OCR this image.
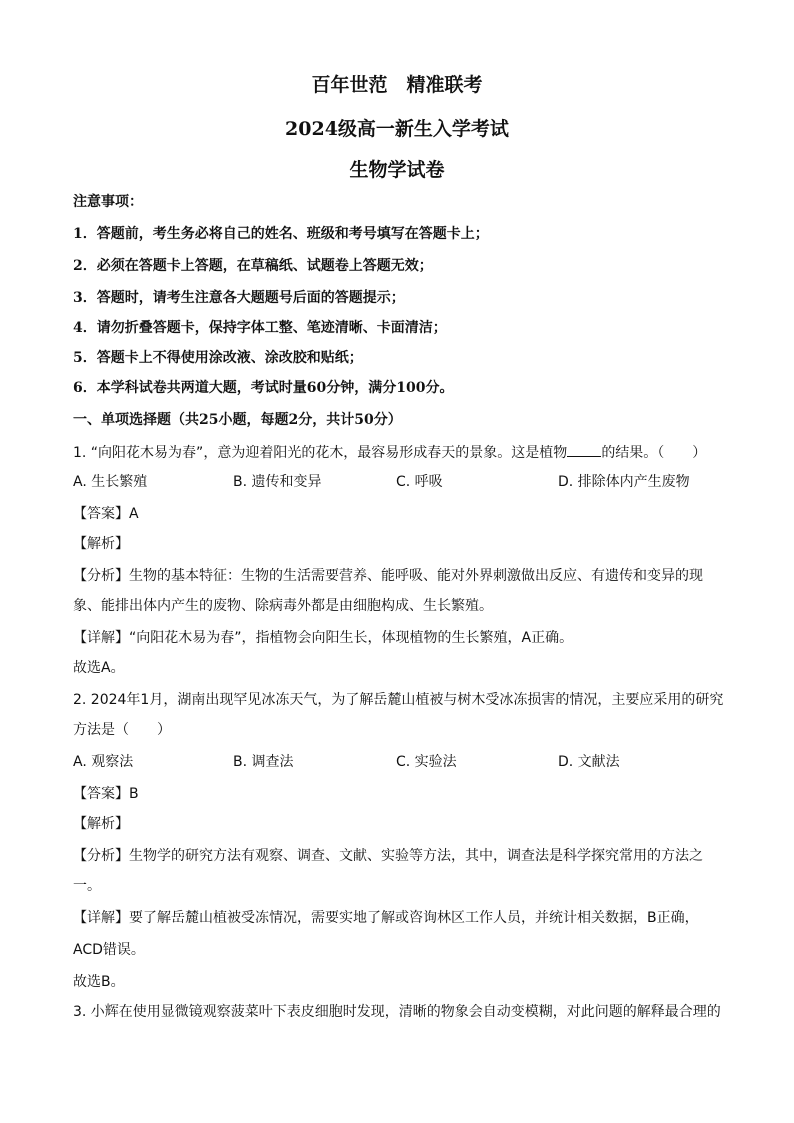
百年世范　精准联考
2024级高一新生入学考试
生物学试卷
注意事项：
1．答题前，考生务必将自己的姓名、班级和考号填写在答题卡上；
2．必须在答题卡上答题，在草稿纸、试题卷上答题无效；
3．答题时，请考生注意各大题题号后面的答题提示；
4．请勿折叠答题卡，保持字体工整、笔迹清晰、卡面清洁；
5．答题卡上不得使用涂改液、涂改胶和贴纸；
6．本学科试卷共两道大题，考试时量60分钟，满分100分。
一、单项选择题（共25小题，每题2分，共计50分）
1. “向阳花木易为春”，意为迎着阳光的花木，最容易形成春天的景象。这是植物 的结果。（　　）
A. 生长繁殖	B. 遗传和变异	C. 呼吸	D. 排除体内产生废物
【答案】A
【解析】
【分析】生物的基本特征：生物的生活需要营养、能呼吸、能对外界刺激做出反应、有遗传和变异的现
象、能排出体内产生的废物、除病毒外都是由细胞构成、生长繁殖。
【详解】“向阳花木易为春”，指植物会向阳生长，体现植物的生长繁殖，A正确。
故选A。
2. 2024年1月，湖南出现罕见冰冻天气，为了解岳麓山植被与树木受冰冻损害的情况，主要应采用的研究
方法是（　　）
A. 观察法	B. 调查法	C. 实验法	D. 文献法
【答案】B
【解析】
【分析】生物学的研究方法有观察、调查、文献、实验等方法，其中，调查法是科学探究常用的方法之
一。
【详解】要了解岳麓山植被受冻情况，需要实地了解或咨询林区工作人员，并统计相关数据，B正确，
ACD错误。
故选B。
3. 小辉在使用显微镜观察菠菜叶下表皮细胞时发现，清晰的物象会自动变模糊，对此问题的解释最合理的
